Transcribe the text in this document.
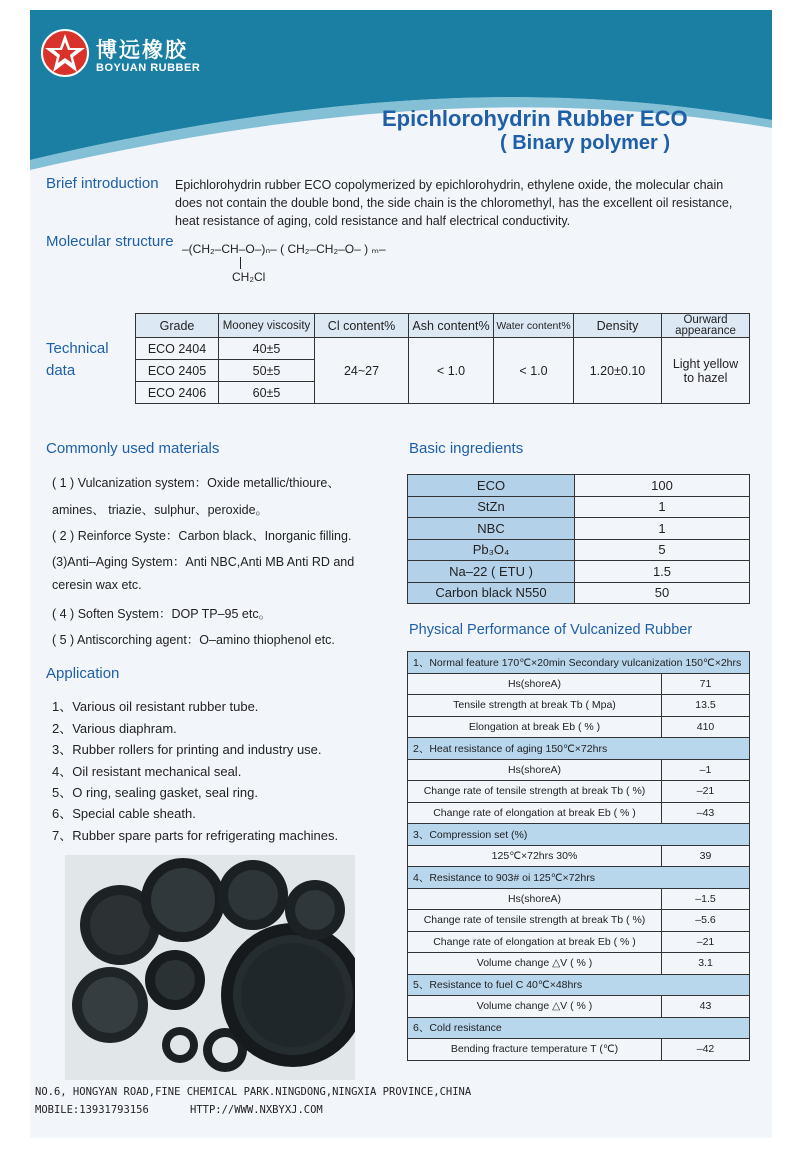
博远橡胶
BOYUAN RUBBER
Epichlorohydrin Rubber ECO
( Binary polymer )
Brief introduction Epichlorohydrin rubber ECO copolymerized by epichlorohydrin, ethylene oxide, the molecular chain
does not contain the double bond, the side chain is the chloromethyl, has the excellent oil resistance,
heat resistance of aging, cold resistance and half electrical conductivity.
Molecular structure –(CH₂–CH–O–)ₙ– ( CH₂–CH₂–O– ) ₘ–
CH₂Cl
Technical
data
Grade	Mooney viscosity	Cl content%	Ash content%	Water content%	Density	Ourward appearance
ECO 2404	40±5	24~27	< 1.0	< 1.0	1.20±0.10	Light yellow
to hazel

ECO 2405	50±5					
ECO 2406	60±5					
Commonly used materials
( 1 ) Vulcanization system：Oxide metallic/thioure、
amines、 triazie、sulphur、peroxide。
( 2 ) Reinforce Syste：Carbon black、Inorganic filling.
(3)Anti–Aging System：Anti NBC,Anti MB Anti RD and
ceresin wax etc.
( 4 ) Soften System：DOP TP–95 etc。
( 5 ) Antiscorching agent：O–amino thiophenol etc.
Application
1、Various oil resistant rubber tube.
2、Various diaphram.
3、Rubber rollers for printing and industry use.
4、Oil resistant mechanical seal.
5、O ring, sealing gasket, seal ring.
6、Special cable sheath.
7、Rubber spare parts for refrigerating machines.
Basic ingredients
ECO	100
StZn	1
NBC	1
Pb₃O₄	5
Na–22 ( ETU )	1.5
Carbon black N550	50
Physical Performance of Vulcanized Rubber
1、Normal feature 170℃×20min Secondary vulcanization 150℃×2hrs	
Hs(shoreA)	71
Tensile strength at break Tb ( Mpa)	13.5
Elongation at break Eb ( % )	410
2、Heat resistance of aging 150℃×72hrs	
Hs(shoreA)	–1
Change rate of tensile strength at break Tb ( %)	–21
Change rate of elongation at break Eb ( % )	–43
3、Compression set (%)	
125℃×72hrs 30%	39
4、Resistance to 903# oi 125℃×72hrs	
Hs(shoreA)	–1.5
Change rate of tensile strength at break Tb ( %)	–5.6
Change rate of elongation at break Eb ( % )	–21
Volume change △V ( % )	3.1
5、Resistance to fuel C 40℃×48hrs	
Volume change △V ( % )	43
6、Cold resistance	
Bending fracture temperature T (℃)	–42
NO.6, HONGYAN ROAD,FINE CHEMICAL PARK.NINGDONG,NINGXIA PROVINCE,CHINA
MOBILE:13931793156	HTTP://WWW.NXBYXJ.COM
